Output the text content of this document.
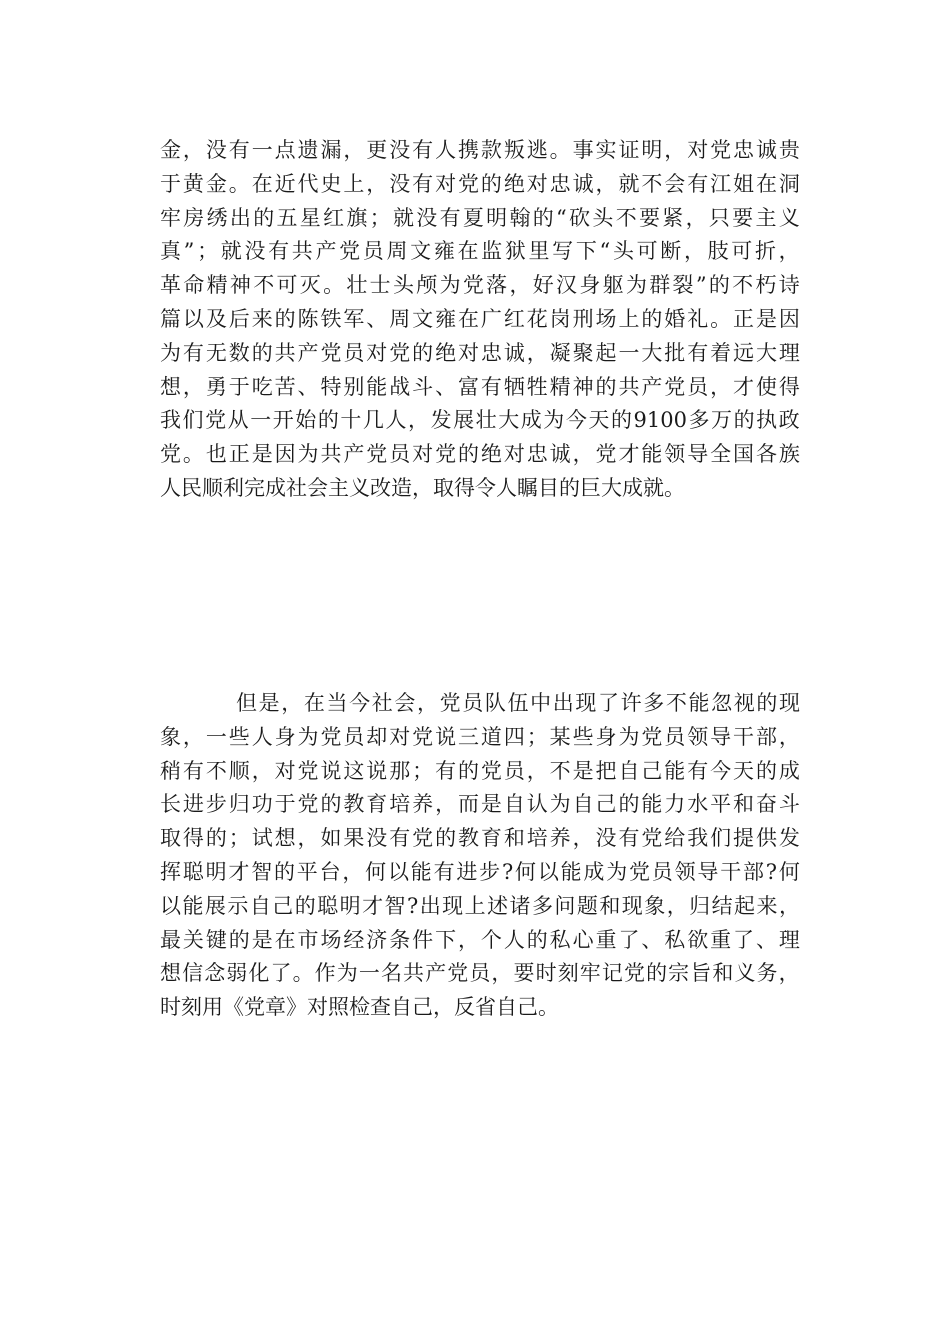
金 ， 没 有 一 点 遗 漏 ， 更 没 有 人 携 款 叛 逃 。 事 实 证 明 ， 对 党 忠 诚 贵
于 黄 金 。 在 近 代 史 上 ， 没 有 对 党 的 绝 对 忠 诚 ， 就 不 会 有 江 姐 在 洞
牢 房 绣 出 的 五 星 红 旗 ； 就 没 有 夏 明 翰 的 “ 砍 头 不 要 紧 ， 只 要 主 义
真 ” ； 就 没 有 共 产 党 员 周 文 雍 在 监 狱 里 写 下 “ 头 可 断 ， 肢 可 折 ，
革 命 精 神 不 可 灭 。 壮 士 头 颅 为 党 落 ， 好 汉 身 躯 为 群 裂 ” 的 不 朽 诗
篇 以 及 后 来 的 陈 铁 军 、 周 文 雍 在 广 红 花 岗 刑 场 上 的 婚 礼 。 正 是 因
为 有 无 数 的 共 产 党 员 对 党 的 绝 对 忠 诚 ， 凝 聚 起 一 大 批 有 着 远 大 理
想 ， 勇 于 吃 苦 、 特 别 能 战 斗 、 富 有 牺 牲 精 神 的 共 产 党 员 ， 才 使 得
我 们 党 从 一 开 始 的 十 几 人 ， 发 展 壮 大 成 为 今 天 的 9100 多 万 的 执 政
党 。 也 正 是 因 为 共 产 党 员 对 党 的 绝 对 忠 诚 ， 党 才 能 领 导 全 国 各 族
人民顺利完成社会主义改造，取得令人瞩目的巨大成就。
但 是 ， 在 当 今 社 会 ， 党 员 队 伍 中 出 现 了 许 多 不 能 忽 视 的 现
象 ， 一 些 人 身 为 党 员 却 对 党 说 三 道 四 ； 某 些 身 为 党 员 领 导 干 部 ，
稍 有 不 顺 ， 对 党 说 这 说 那 ； 有 的 党 员 ， 不 是 把 自 己 能 有 今 天 的 成
长 进 步 归 功 于 党 的 教 育 培 养 ， 而 是 自 认 为 自 己 的 能 力 水 平 和 奋 斗
取 得 的 ； 试 想 ， 如 果 没 有 党 的 教 育 和 培 养 ， 没 有 党 给 我 们 提 供 发
挥 聪 明 才 智 的 平 台 ， 何 以 能 有 进 步 ? 何 以 能 成 为 党 员 领 导 干 部 ? 何
以 能 展 示 自 己 的 聪 明 才 智 ? 出 现 上 述 诸 多 问 题 和 现 象 ， 归 结 起 来 ，
最 关 键 的 是 在 市 场 经 济 条 件 下 ， 个 人 的 私 心 重 了 、 私 欲 重 了 、 理
想 信 念 弱 化 了 。 作 为 一 名 共 产 党 员 ， 要 时 刻 牢 记 党 的 宗 旨 和 义 务 ，
时刻用《党章》对照检查自己，反省自己。
